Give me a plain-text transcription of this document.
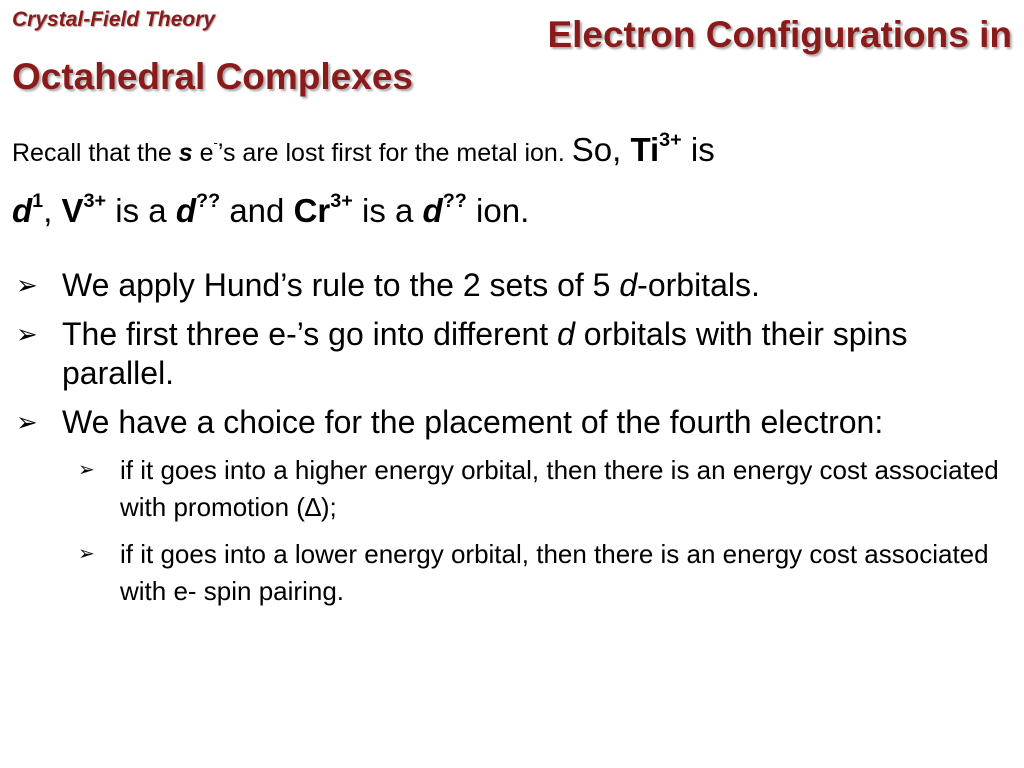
Crystal-Field Theory	Electron Configurations in
Octahedral Complexes
Recall that the s e-’s are lost first for the metal ion. So, $Ti^{3+}$ is
$d^1$, $V^{3+}$ is a d?? and $Cr^{3+}$ is a d?? ion.
➢ We apply Hund’s rule to the 2 sets of 5 d-orbitals.
➢ The first three e-’s go into different d orbitals with their spins parallel.
➢ We have a choice for the placement of the fourth electron:
➢ if it goes into a higher energy orbital, then there is an energy cost associated with promotion (∆);
➢ if it goes into a lower energy orbital, then there is an energy cost associated with e- spin pairing.
